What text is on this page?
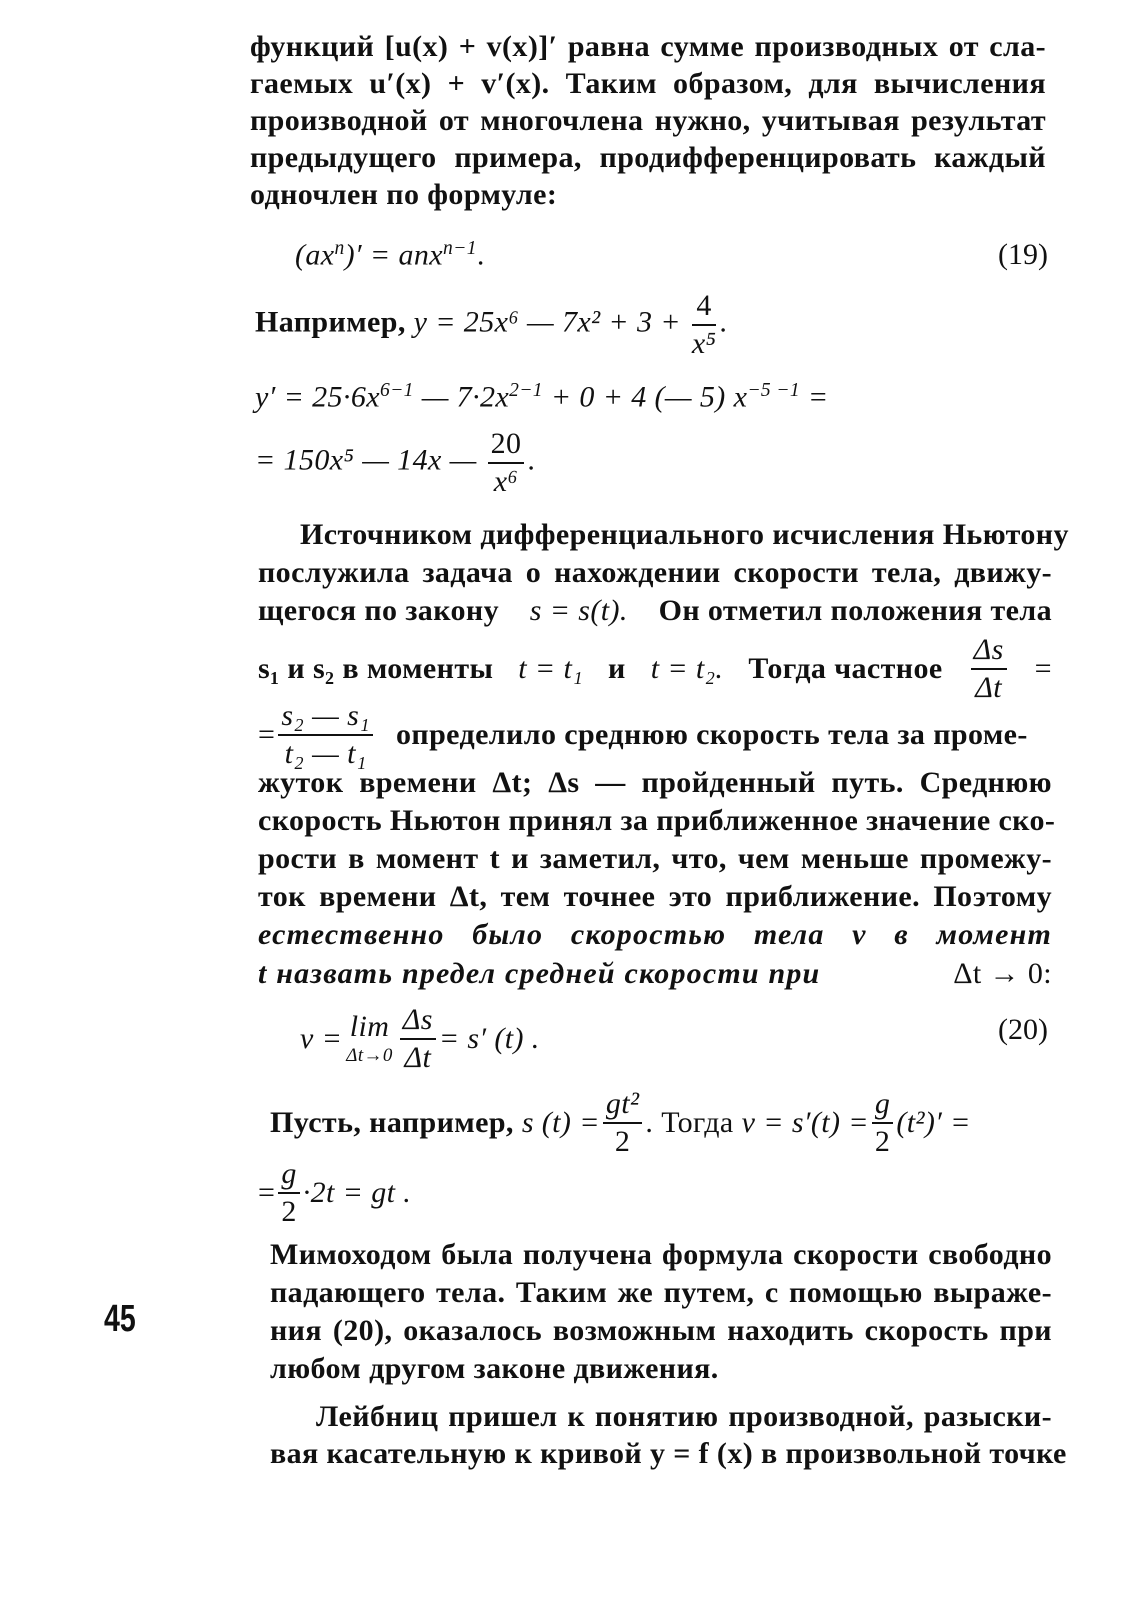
функций [u(x) + v(x)]′ равна сумме производных от сла-
гаемых u′(x) + v′(x). Таким образом, для вычисления
производной от многочлена нужно, учитывая результат
предыдущего примера, продифференцировать каждый
одночлен по формуле:
$(ax^n)' = anx^{n-1}$.	(19)
Например, y = 25x⁶ — $7x^2 + 3 + \frac{4}{\text{x⁵}}$ .
$y' = 25\cdot 6x^{6-1}$ — $7\cdot 2x^{2-1} + 0 + 4$ (— 5) $x^{-5 -1}$ =
= 150x⁵ — 14x — $\frac{20}{\text{x⁶}}$ .
Источником дифференциального исчисления Ньютону
послужила задача о нахождении скорости тела, движу-
щегося по закону s = s(t). Он отметил положения тела
s₁ и s₂ в моменты t = t₁ и t = t₂. Тогда частное $\frac{\Delta s}{\Delta t}$ =
= $\frac{\text{s₂ — s₁}}{\text{t₂ — t₁}}$ определило среднюю скорость тела за проме-
жуток времени Δt; Δs — пройденный путь. Среднюю
скорость Ньютон принял за приближенное значение ско-
рости в момент t и заметил, что, чем меньше промежу-
ток времени Δt, тем точнее это приближение. Поэтому
естественно было скоростью тела v в момент
t назвать предел средней скорости при	Δt → 0:
v = lim
$\Delta t\to 0 \frac{\Delta s}{\Delta t} = s'$ (t) .	(20)
Пусть, например, s $(t) = \frac{\text{gt²}}{2}$ . Тогда $v = s'(t) = \frac{g}{2} (t^2)'$ =
= $\frac{g}{2} \cdot 2t$ = gt .
Мимоходом была получена формула скорости свободно
падающего тела. Таким же путем, с помощью выраже-
ния (20), оказалось возможным находить скорость при
любом другом законе движения.
Лейбниц пришел к понятию производной, разыски-
вая касательную к кривой y = f (x) в произвольной точке
45
